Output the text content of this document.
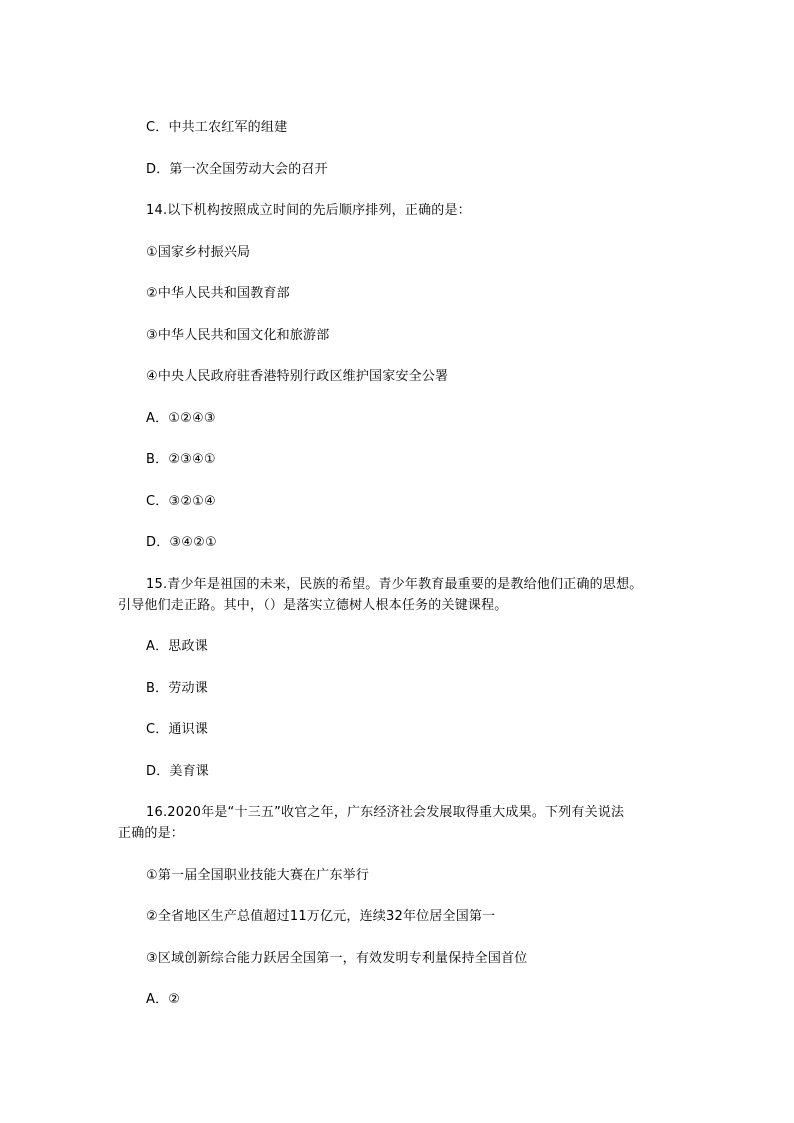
C．中共工农红军的组建
D．第一次全国劳动大会的召开
14.以下机构按照成立时间的先后顺序排列，正确的是：
①国家乡村振兴局
②中华人民共和国教育部
③中华人民共和国文化和旅游部
④中央人民政府驻香港特别行政区维护国家安全公署
A．①②④③
B．②③④①
C．③②①④
D．③④②①
15.青少年是祖国的未来，民族的希望。青少年教育最重要的是教给他们正确的思想。
引导他们走正路。其中，（）是落实立德树人根本任务的关键课程。
A．思政课
B．劳动课
C．通识课
D．美育课
16.2020年是“十三五”收官之年，广东经济社会发展取得重大成果。下列有关说法
正确的是：
①第一届全国职业技能大赛在广东举行
②全省地区生产总值超过11万亿元，连续32年位居全国第一
③区域创新综合能力跃居全国第一，有效发明专利量保持全国首位
A．②
